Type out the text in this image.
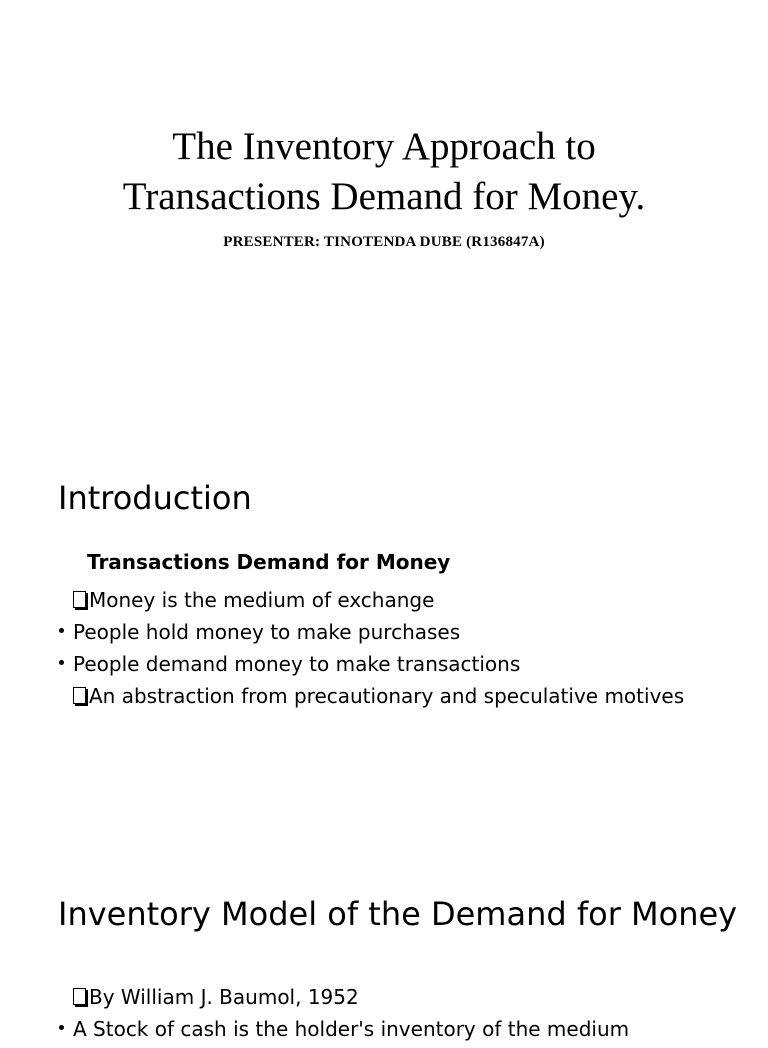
The Inventory Approach to
Transactions Demand for Money.
PRESENTER: TINOTENDA DUBE (R136847A)
Introduction
Transactions Demand for Money
Money is the medium of exchange
People hold money to make purchases
People demand money to make transactions
An abstraction from precautionary and speculative motives
Inventory Model of the Demand for Money
By William J. Baumol, 1952
A Stock of cash is the holder's inventory of the medium
